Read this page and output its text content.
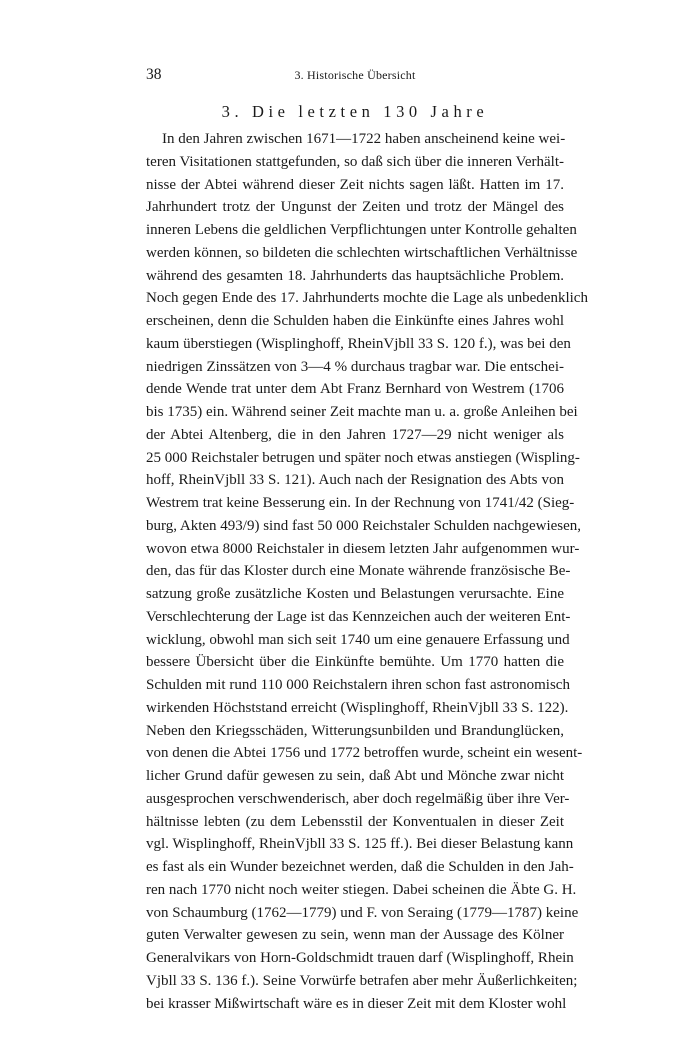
38	3. Historische Übersicht
3. Die letzten 130 Jahre
In den Jahren zwischen 1671—1722 haben anscheinend keine wei-
teren Visitationen stattgefunden, so daß sich über die inneren Verhält-
nisse der Abtei während dieser Zeit nichts sagen läßt. Hatten im 17.
Jahrhundert trotz der Ungunst der Zeiten und trotz der Mängel des
inneren Lebens die geldlichen Verpflichtungen unter Kontrolle gehalten
werden können, so bildeten die schlechten wirtschaftlichen Verhältnisse
während des gesamten 18. Jahrhunderts das hauptsächliche Problem.
Noch gegen Ende des 17. Jahrhunderts mochte die Lage als unbedenklich
erscheinen, denn die Schulden haben die Einkünfte eines Jahres wohl
kaum überstiegen (Wisplinghoff, RheinVjbll 33 S. 120 f.), was bei den
niedrigen Zinssätzen von 3—4 % durchaus tragbar war. Die entschei-
dende Wende trat unter dem Abt Franz Bernhard von Westrem (1706
bis 1735) ein. Während seiner Zeit machte man u. a. große Anleihen bei
der Abtei Altenberg, die in den Jahren 1727—29 nicht weniger als
25 000 Reichstaler betrugen und später noch etwas anstiegen (Wispling-
hoff, RheinVjbll 33 S. 121). Auch nach der Resignation des Abts von
Westrem trat keine Besserung ein. In der Rechnung von 1741/42 (Sieg-
burg, Akten 493/9) sind fast 50 000 Reichstaler Schulden nachgewiesen,
wovon etwa 8000 Reichstaler in diesem letzten Jahr aufgenommen wur-
den, das für das Kloster durch eine Monate währende französische Be-
satzung große zusätzliche Kosten und Belastungen verursachte. Eine
Verschlechterung der Lage ist das Kennzeichen auch der weiteren Ent-
wicklung, obwohl man sich seit 1740 um eine genauere Erfassung und
bessere Übersicht über die Einkünfte bemühte. Um 1770 hatten die
Schulden mit rund 110 000 Reichstalern ihren schon fast astronomisch
wirkenden Höchststand erreicht (Wisplinghoff, RheinVjbll 33 S. 122).
Neben den Kriegsschäden, Witterungsunbilden und Brandunglücken,
von denen die Abtei 1756 und 1772 betroffen wurde, scheint ein wesent-
licher Grund dafür gewesen zu sein, daß Abt und Mönche zwar nicht
ausgesprochen verschwenderisch, aber doch regelmäßig über ihre Ver-
hältnisse lebten (zu dem Lebensstil der Konventualen in dieser Zeit
vgl. Wisplinghoff, RheinVjbll 33 S. 125 ff.). Bei dieser Belastung kann
es fast als ein Wunder bezeichnet werden, daß die Schulden in den Jah-
ren nach 1770 nicht noch weiter stiegen. Dabei scheinen die Äbte G. H.
von Schaumburg (1762—1779) und F. von Seraing (1779—1787) keine
guten Verwalter gewesen zu sein, wenn man der Aussage des Kölner
Generalvikars von Horn-Goldschmidt trauen darf (Wisplinghoff, Rhein
Vjbll 33 S. 136 f.). Seine Vorwürfe betrafen aber mehr Äußerlichkeiten;
bei krasser Mißwirtschaft wäre es in dieser Zeit mit dem Kloster wohl
